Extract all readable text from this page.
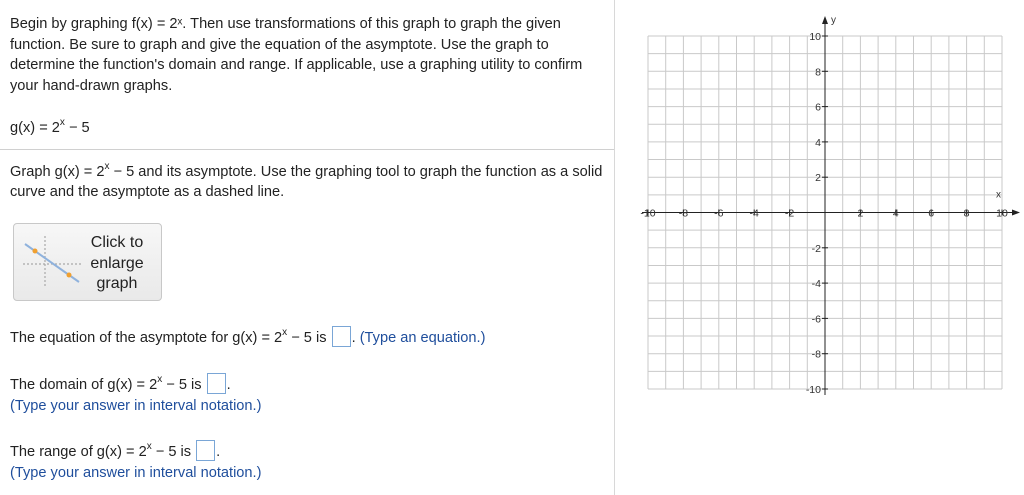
Begin by graphing f(x) = 2ˣ. Then use transformations of this graph to graph the given function. Be sure to graph and give the equation of the asymptote. Use the graph to determine the function's domain and range. If applicable, use a graphing utility to confirm your hand-drawn graphs.
$g(x) = 2^x - 5$
Graph $g(x) = 2^x - 5$ and its asymptote. Use the graphing tool to graph the function as a solid curve and the asymptote as a dashed line.
Click to enlarge graph
The equation of the asymptote for $g(x) = 2^x - 5$ is . (Type an equation.)
The domain of $g(x) = 2^x - 5$ is .
(Type your answer in interval notation.)
The range of $g(x) = 2^x - 5$ is .
(Type your answer in interval notation.)
y
x
-10 -8 -6 -4 -2	2	4	6	8	10
10
8
6
4
2
-2
-4
-6
-8
-10
